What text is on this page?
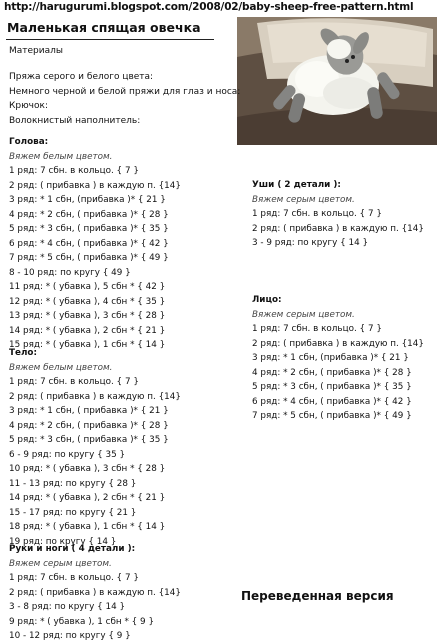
http://harugurumi.blogspot.com/2008/02/baby-sheep-free-pattern.html
Маленькая спящая овечка
Материалы
Пряжа серого и белого цвета:
Немного черной и белой пряжи для глаз и носа:
Крючок:
Волокнистый наполнитель:
Голова:
Вяжем белым цветом.
1 ряд: 7 сбн. в кольцо. { 7 }
2 ряд: ( прибавка ) в каждую п. {14}
3 ряд: * 1 сбн, (прибавка )* { 21 }
4 ряд: * 2 сбн, ( прибавка )* { 28 }
5 ряд: * 3 сбн, ( прибавка )* { 35 }
6 ряд: * 4 сбн, ( прибавка )* { 42 }
7 ряд: * 5 сбн, ( прибавка )* { 49 }
8 - 10 ряд: по кругу { 49 }
11 ряд: * ( убавка ), 5 сбн * { 42 }
12 ряд: * ( убавка ), 4 сбн * { 35 }
13 ряд: * ( убавка ), 3 сбн * { 28 }
14 ряд: * ( убавка ), 2 сбн * { 21 }
15 ряд: * ( убавка ), 1 сбн * { 14 }
Тело:
Вяжем белым цветом.
1 ряд: 7 сбн. в кольцо. { 7 }
2 ряд: ( прибавка ) в каждую п. {14}
3 ряд: * 1 сбн, ( прибавка )* { 21 }
4 ряд: * 2 сбн, ( прибавка )* { 28 }
5 ряд: * 3 сбн, ( прибавка )* { 35 }
6 - 9 ряд: по кругу { 35 }
10 ряд: * ( убавка ), 3 сбн * { 28 }
11 - 13 ряд: по кругу { 28 }
14 ряд: * ( убавка ), 2 сбн * { 21 }
15 - 17 ряд: по кругу { 21 }
18 ряд: * ( убавка ), 1 сбн * { 14 }
19 ряд: по кругу { 14 }
Руки и ноги ( 4 детали ):
Вяжем серым цветом.
1 ряд: 7 сбн. в кольцо. { 7 }
2 ряд: ( прибавка ) в каждую п. {14}
3 - 8 ряд: по кругу { 14 }
9 ряд: * ( убавка ), 1 сбн * { 9 }
10 - 12 ряд: по кругу { 9 }
Уши ( 2 детали ):
Вяжем серым цветом.
1 ряд: 7 сбн. в кольцо. { 7 }
2 ряд: ( прибавка ) в каждую п. {14}
3 - 9 ряд: по кругу { 14 }
Лицо:
Вяжем серым цветом.
1 ряд: 7 сбн. в кольцо. { 7 }
2 ряд: ( прибавка ) в каждую п. {14}
3 ряд: * 1 сбн, (прибавка )* { 21 }
4 ряд: * 2 сбн, ( прибавка )* { 28 }
5 ряд: * 3 сбн, ( прибавка )* { 35 }
6 ряд: * 4 сбн, ( прибавка )* { 42 }
7 ряд: * 5 сбн, ( прибавка )* { 49 }
Переведенная версия
